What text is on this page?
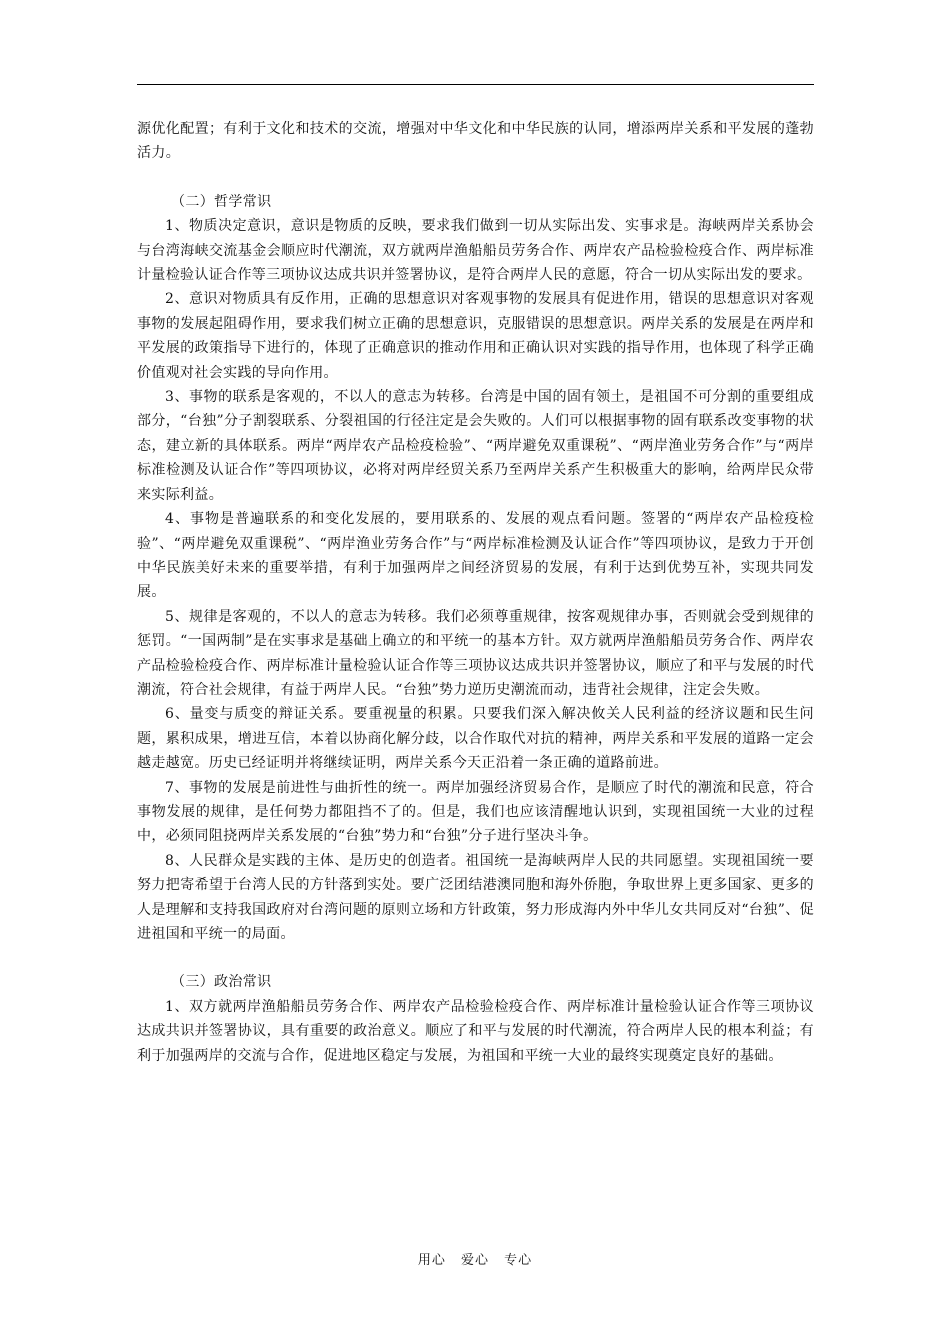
源优化配置；有利于文化和技术的交流，增强对中华文化和中华民族的认同，增添两岸关系和平发展的蓬勃活力。

（二）哲学常识

1、物质决定意识，意识是物质的反映，要求我们做到一切从实际出发、实事求是。海峡两岸关系协会与台湾海峡交流基金会顺应时代潮流，双方就两岸渔船船员劳务合作、两岸农产品检验检疫合作、两岸标准计量检验认证合作等三项协议达成共识并签署协议，是符合两岸人民的意愿，符合一切从实际出发的要求。

2、意识对物质具有反作用，正确的思想意识对客观事物的发展具有促进作用，错误的思想意识对客观事物的发展起阻碍作用，要求我们树立正确的思想意识，克服错误的思想意识。两岸关系的发展是在两岸和平发展的政策指导下进行的，体现了正确意识的推动作用和正确认识对实践的指导作用，也体现了科学正确价值观对社会实践的导向作用。

3、事物的联系是客观的，不以人的意志为转移。台湾是中国的固有领土，是祖国不可分割的重要组成部分，“台独”分子割裂联系、分裂祖国的行径注定是会失败的。人们可以根据事物的固有联系改变事物的状态，建立新的具体联系。两岸“两岸农产品检疫检验”、“两岸避免双重课税”、“两岸渔业劳务合作”与“两岸标准检测及认证合作”等四项协议，必将对两岸经贸关系乃至两岸关系产生积极重大的影响，给两岸民众带来实际利益。

4、事物是普遍联系的和变化发展的，要用联系的、发展的观点看问题。签署的“两岸农产品检疫检验”、“两岸避免双重课税”、“两岸渔业劳务合作”与“两岸标准检测及认证合作”等四项协议，是致力于开创中华民族美好未来的重要举措，有利于加强两岸之间经济贸易的发展，有利于达到优势互补，实现共同发展。

5、规律是客观的，不以人的意志为转移。我们必须尊重规律，按客观规律办事，否则就会受到规律的惩罚。“一国两制”是在实事求是基础上确立的和平统一的基本方针。双方就两岸渔船船员劳务合作、两岸农产品检验检疫合作、两岸标准计量检验认证合作等三项协议达成共识并签署协议，顺应了和平与发展的时代潮流，符合社会规律，有益于两岸人民。“台独”势力逆历史潮流而动，违背社会规律，注定会失败。

6、量变与质变的辩证关系。要重视量的积累。只要我们深入解决攸关人民利益的经济议题和民生问题，累积成果，增进互信，本着以协商化解分歧，以合作取代对抗的精神，两岸关系和平发展的道路一定会越走越宽。历史已经证明并将继续证明，两岸关系今天正沿着一条正确的道路前进。

7、事物的发展是前进性与曲折性的统一。两岸加强经济贸易合作，是顺应了时代的潮流和民意，符合事物发展的规律，是任何势力都阻挡不了的。但是，我们也应该清醒地认识到，实现祖国统一大业的过程中，必须同阻挠两岸关系发展的“台独”势力和“台独”分子进行坚决斗争。

8、人民群众是实践的主体、是历史的创造者。祖国统一是海峡两岸人民的共同愿望。实现祖国统一要努力把寄希望于台湾人民的方针落到实处。要广泛团结港澳同胞和海外侨胞，争取世界上更多国家、更多的人是理解和支持我国政府对台湾问题的原则立场和方针政策，努力形成海内外中华儿女共同反对“台独”、促进祖国和平统一的局面。

（三）政治常识

1、双方就两岸渔船船员劳务合作、两岸农产品检验检疫合作、两岸标准计量检验认证合作等三项协议达成共识并签署协议，具有重要的政治意义。顺应了和平与发展的时代潮流，符合两岸人民的根本利益；有利于加强两岸的交流与合作，促进地区稳定与发展，为祖国和平统一大业的最终实现奠定良好的基础。

用心 爱心 专心
